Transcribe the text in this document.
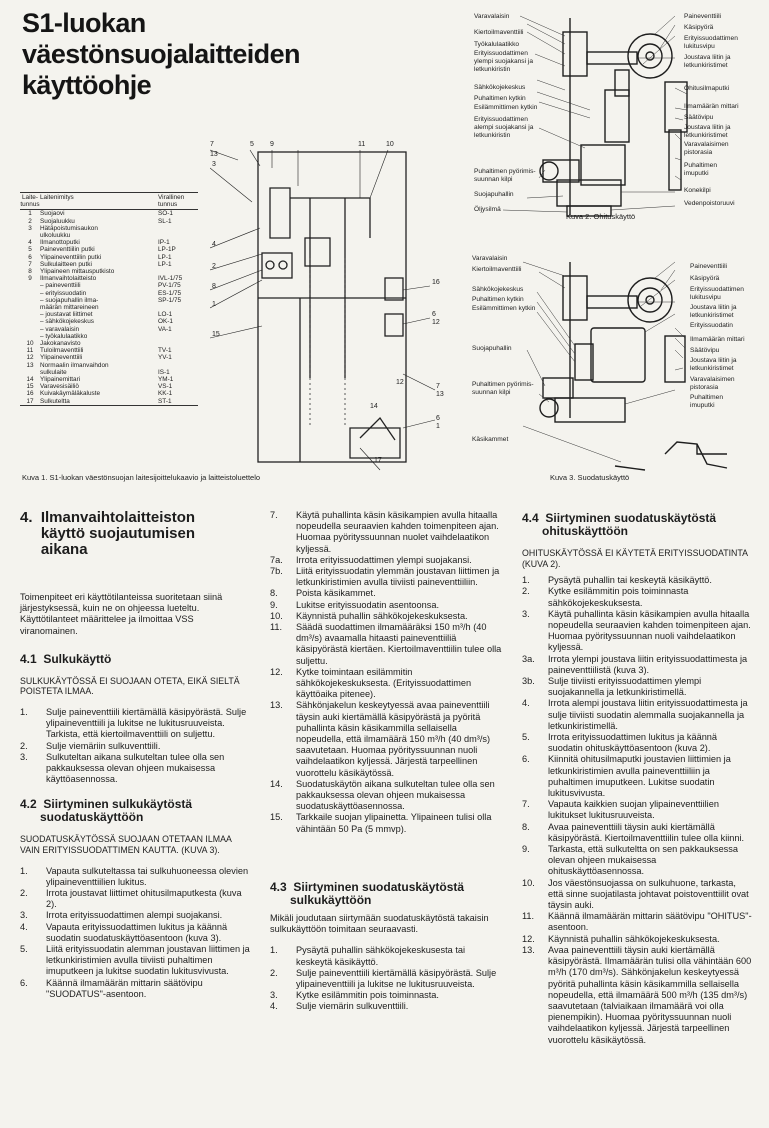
S1-luokan
väestönsuojalaitteiden
käyttöohje
Laite-
tunnus
Laitenimitys	Virallinen
tunnus
1	Suojaovi	SO-1
2	Suojaluukku	SL-1
3	Hätäpoistumisaukon
ulkoluukku
4	Ilmanottoputki	IP-1
5	Paineventtiilin putki	LP-1P
6	Ylipaineventtiilin putki	LP-1
7	Sulkulaitteen putki	LP-1
8	Ylipaineen mittausputkisto
9	Ilmanvaihtolaitteisto	IVL-1/75
– paineventtiili	PV-1/75
– erityissuodatin	ES-1/75
– suojapuhallin ilma-	SP-1/75
määrän mittareineen
– joustavat liittimet	LO-1
– sähkökojekeskus	OK-1
– varavalaisin	VA-1
– työkalulaatikko
10	Jakokanavisto
11	Tuloilmaventtiili	TV-1
12	Ylipaineventtiili	YV-1
13	Normaalin ilmanvaihdon
sulkulaite	IS-1
14	Ylipainemittari	YM-1
15	Varavesisäiliö	VS-1
16	Kuivakäymäläkaluste	KK-1
17	Sulkuteltta	ST-1
7
13
5 9	11	10
3
4
2
8
1
15
16
6
12
7
13
6
1
17
12
14
Kuva 1. S1-luokan väestönsuojan laitesijoittelukaavio ja laitteistoluettelo
Varavalaisin
Kiertoilmaventtiili
Työkalulaatikko
Erityissuodattimen
ylempi suojakansi ja
letkunkiristin
Sähkökojekeskus
Puhaltimen kytkin
Esilämmittimen kytkin
Erityissuodattimen
alempi suojakansi ja
letkunkiristin
Puhaltimen pyörimis-
suunnan kilpi
Suojapuhallin
Öljysilmä
Paineventtiili
Käsipyörä
Erityissuodattimen
lukitusvipu
Joustava liitin ja
letkunkiristimet
Ohitusilmaputki
Ilmamäärän mittari
Säätövipu
Joustava liitin ja
letkunkiristimet
Varavalaisimen
pistorasia
Puhaltimen
imuputki
Konekilpi
Vedenpoistoruuvi
Kuva 2. Ohituskäyttö
Varavalaisin
Kiertoilmaventtiili
Sähkökojekeskus
Puhaltimen kytkin
Esilämmittimen kytkin
Suojapuhallin
Puhaltimen pyörimis-
suunnan kilpi
Käsikammet
Paineventtiili
Käsipyörä
Erityissuodattimen
lukitusvipu
Joustava liitin ja
letkunkiristimet
Erityissuodatin
Ilmamäärän mittari
Säätövipu
Joustava liitin ja
letkunkiristimet
Varavalaisimen
pistorasia
Puhaltimen
imuputki
Kuva 3. Suodatuskäyttö

4.  Ilmanvaihtolaitteiston
käyttö suojautumisen
aikana

Toimenpiteet eri käyttötilanteissa suoritetaan siinä järjestyksessä, kuin ne on ohjeessa lueteltu. Käyttötilanteet määrittelee ja ilmoittaa VSS viranomainen.

4.1  Sulkukäyttö

SULKUKÄYTÖSSÄ EI SUOJAAN OTETA, EIKÄ SIELTÄ POISTETA ILMAA.

1.	Sulje paineventtiili kiertämällä käsipyörästä. Sulje ylipaineventtiili ja lukitse ne lukitusruuveista. Tarkista, että kiertoilmaventtiili on suljettu.
2.	Sulje viemäriin sulkuventtiili.
3.	Sulkuteltan aikana sulkuteltan tulee olla sen pakkauksessa olevan ohjeen mukaisessa käyttöasennossa.

4.2  Siirtyminen sulkukäytöstä
suodatuskäyttöön

SUODATUSKÄYTÖSSÄ SUOJAAN OTETAAN ILMAA VAIN ERITYISSUODATTIMEN KAUTTA. (KUVA 3).

1.	Vapauta sulkuteltassa tai sulkuhuoneessa olevien ylipaineventtiilien lukitus.
2.	Irrota joustavat liittimet ohitusilmaputkesta (kuva 2).
3.	Irrota erityissuodattimen alempi suojakansi.
4.	Vapauta erityissuodattimen lukitus ja käännä suodatin suodatuskäyttöasentoon (kuva 3).
5.	Liitä erityissuodatin alemman joustavan liittimen ja letkunkiristimien avulla tiiviisti puhaltimen imuputkeen ja lukitse suodatin lukitusvivusta.
6.	Käännä ilmamäärän mittarin säätövipu "SUODATUS"-asentoon.
7.	Käytä puhallinta käsin käsikampien avulla hitaalla nopeudella seuraavien kahden toimenpiteen ajan. Huomaa pyörityssuunnan nuolet vaihdelaatikon kyljessä.
7a.	Irrota erityissuodattimen ylempi suojakansi.
7b.	Liitä erityissuodatin ylemmän joustavan liittimen ja letkunkiristimien avulla tiiviisti paineventtiiliin.
8.	Poista käsikammet.
9.	Lukitse erityissuodatin asentoonsa.
10.	Käynnistä puhallin sähkökojekeskuksesta.
11.	Säädä suodattimen ilmamääräksi 150 m³/h (40 dm³/s) avaamalla hitaasti paineventtiiliä käsipyörästä kiertäen. Kiertoilmaventtiilin tulee olla suljettu.
12.	Kytke toimintaan esilämmitin sähkökojekeskuksesta. (Erityissuodattimen käyttöaika pitenee).
13.	Sähkönjakelun keskeytyessä avaa paineventtiili täysin auki kiertämällä käsipyörästä ja pyöritä puhallinta käsin käsikammilla sellaisella nopeudella, että ilmamäärä 150 m³/h (40 dm³/s) saavutetaan. Huomaa pyörityssuunnan nuoli vaihdelaatikon kyljessä. Järjestä tarpeellinen vuorottelu käsikäytössä.
14.	Suodatuskäytön aikana sulkuteltan tulee olla sen pakkauksessa olevan ohjeen mukaisessa suodatuskäyttöasennossa.
15.	Tarkkaile suojan ylipainetta. Ylipaineen tulisi olla vähintään 50 Pa (5 mmvp).

4.3  Siirtyminen suodatuskäytöstä
sulkukäyttöön

Mikäli joudutaan siirtymään suodatuskäytöstä takaisin sulkukäyttöön toimitaan seuraavasti.

1.	Pysäytä puhallin sähkökojekeskusesta tai keskeytä käsikäyttö.
2.	Sulje paineventtiili kiertämällä käsipyörästä. Sulje ylipaineventtiili ja lukitse ne lukitusruuveista.
3.	Kytke esilämmitin pois toiminnasta.
4.	Sulje viemärin sulkuventtiili.

4.4  Siirtyminen suodatuskäytöstä
ohituskäyttöön

OHITUSKÄYTÖSSÄ EI KÄYTETÄ ERITYISSUODATINTA (KUVA 2).

1.	Pysäytä puhallin tai keskeytä käsikäyttö.
2.	Kytke esilämmitin pois toiminnasta sähkökojekeskuksesta.
3.	Käytä puhallinta käsin käsikampien avulla hitaalla nopeudella seuraavien kahden toimenpiteen ajan. Huomaa pyörityssuunnan nuoli vaihdelaatikon kyljessä.
3a.	Irrota ylempi joustava liitin erityissuodattimesta ja paineventtiilistä (kuva 3).
3b.	Sulje tiiviisti erityissuodattimen ylempi suojakannella ja letkunkiristimellä.
4.	Irrota alempi joustava liitin erityissuodattimesta ja sulje tiiviisti suodatin alemmalla suojakannella ja letkunkiristimellä.
5.	Irrota erityissuodattimen lukitus ja käännä suodatin ohituskäyttöasentoon (kuva 2).
6.	Kiinnitä ohitusilmaputki joustavien liittimien ja letkunkiristimien avulla paineventtiiliin ja puhaltimen imuputkeen. Lukitse suodatin lukitusvivusta.
7.	Vapauta kaikkien suojan ylipaineventtiilien lukitukset lukitusruuveista.
8.	Avaa paineventtiili täysin auki kiertämällä käsipyörästä. Kiertoilmaventtiilin tulee olla kiinni.
9.	Tarkasta, että sulkuteltta on sen pakkauksessa olevan ohjeen mukaisessa ohituskäyttöasennossa.
10.	Jos väestönsuojassa on sulkuhuone, tarkasta, että sinne suojatilasta johtavat poistoventtiilit ovat täysin auki.
11.	Käännä ilmamäärän mittarin säätövipu "OHITUS"-asentoon.
12.	Käynnistä puhallin sähkökojekeskuksesta.
13.	Avaa paineventtiili täysin auki kiertämällä käsipyörästä. Ilmamäärän tulisi olla vähintään 600 m³/h (170 dm³/s). Sähkönjakelun keskeytyessä pyöritä puhallinta käsin käsikammilla sellaisella nopeudella, että ilmamäärä 500 m³/h (135 dm³/s) saavutetaan (talviaikaan ilmamäärä voi olla pienempikin). Huomaa pyörityssuunnan nuoli vaihdelaatikon kyljessä. Järjestä tarpeellinen vuorottelu käsikäytössä.
